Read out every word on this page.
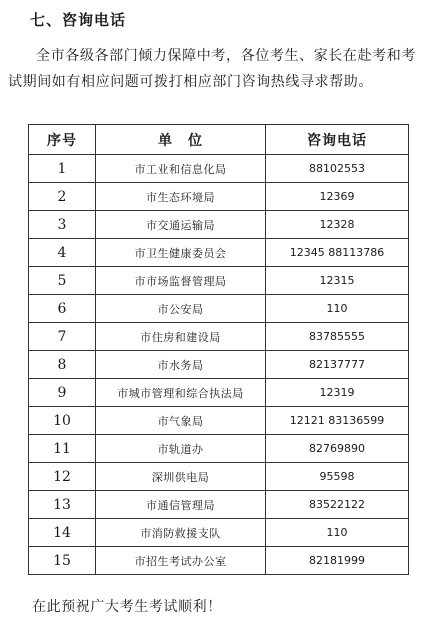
七、咨询电话

全市各级各部门倾力保障中考，各位考生、家长在赴考和考试期间如有相应问题可拨打相应部门咨询热线寻求帮助。

序号	单　位	咨询电话
1	市工业和信息化局	88102553
2	市生态环境局	12369
3	市交通运输局	12328
4	市卫生健康委员会	12345 88113786
5	市市场监督管理局	12315
6	市公安局	110
7	市住房和建设局	83785555
8	市水务局	82137777
9	市城市管理和综合执法局	12319
10	市气象局	12121 83136599
11	市轨道办	82769890
12	深圳供电局	95598
13	市通信管理局	83522122
14	市消防救援支队	110
15	市招生考试办公室	82181999
在此预祝广大考生考试顺利！
